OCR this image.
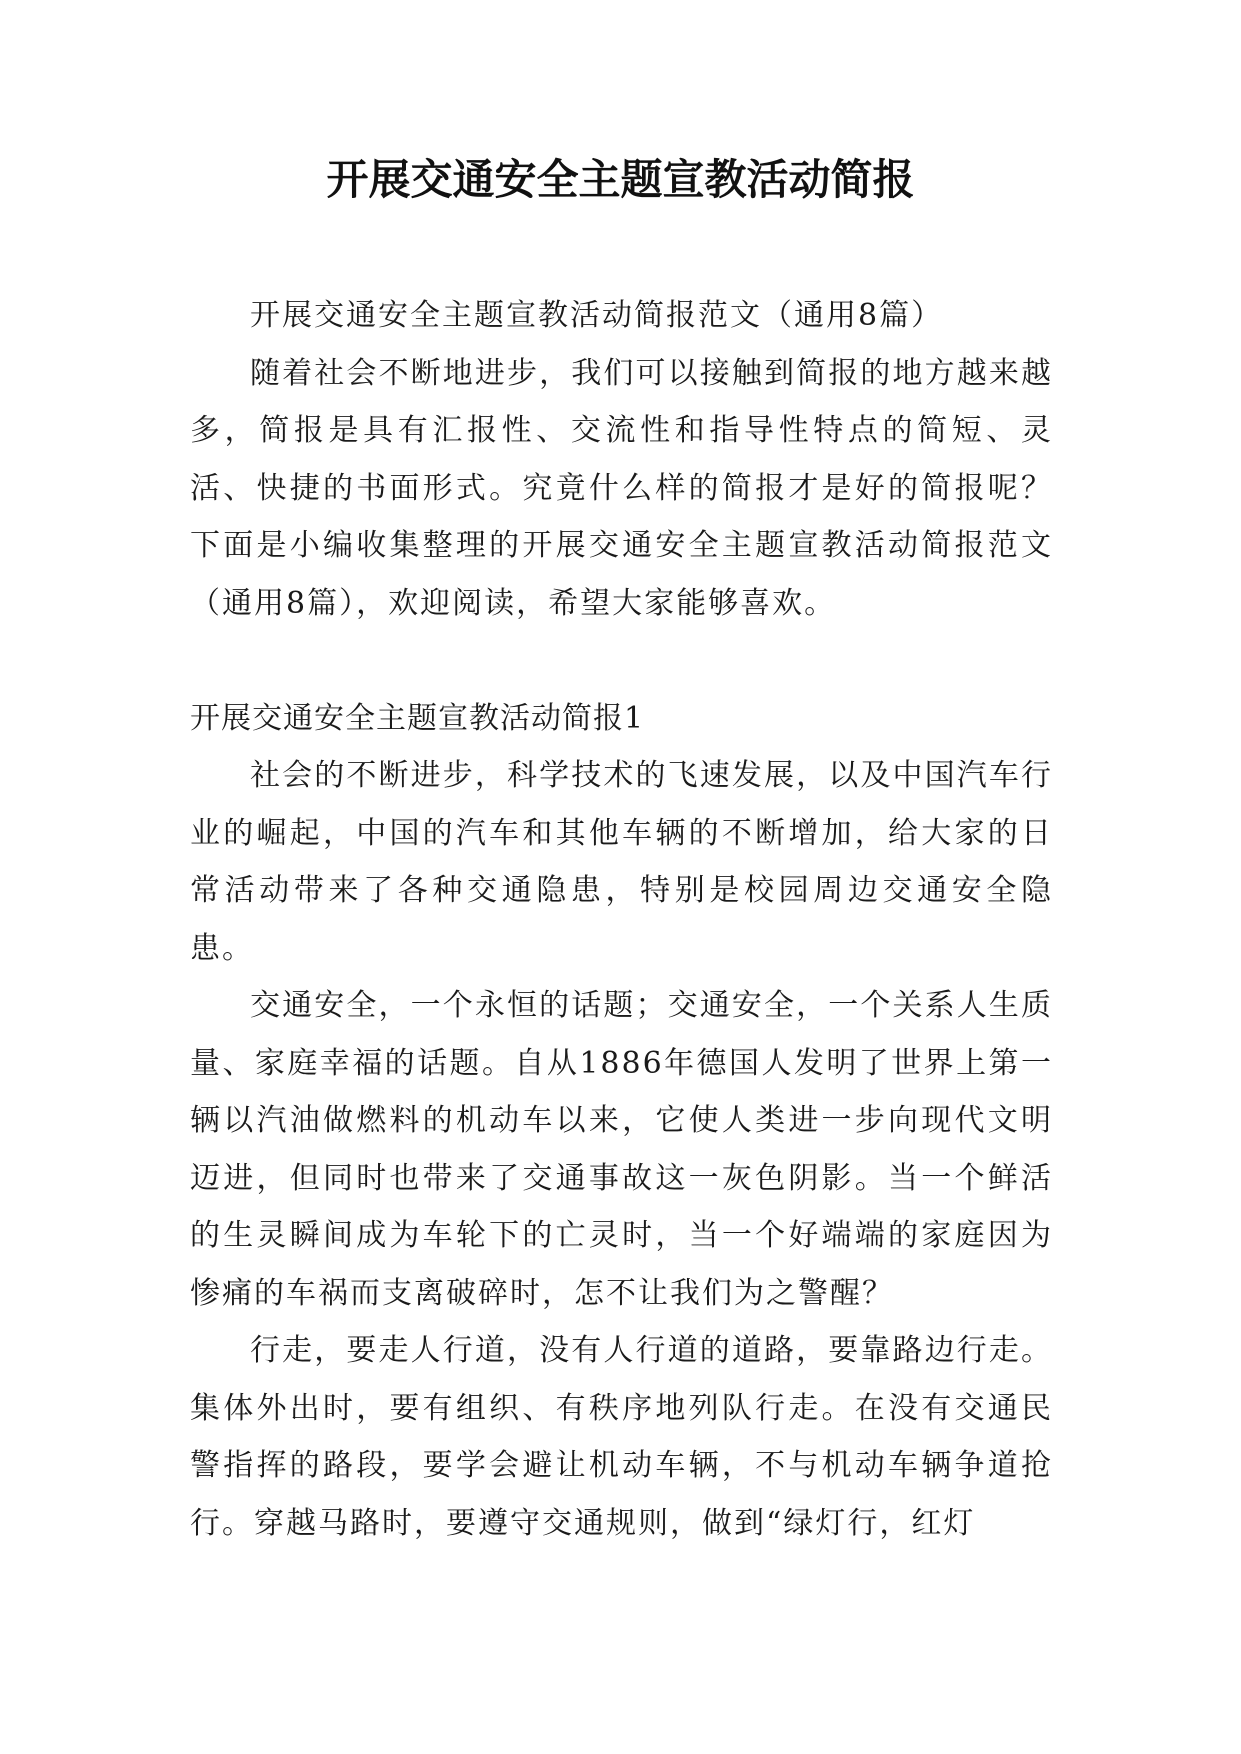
开展交通安全主题宣教活动简报

开展交通安全主题宣教活动简报范文（通用8篇）

随着社会不断地进步，我们可以接触到简报的地方越来越多，简报是具有汇报性、交流性和指导性特点的简短、灵活、快捷的书面形式。究竟什么样的简报才是好的简报呢？下面是小编收集整理的开展交通安全主题宣教活动简报范文（通用8篇），欢迎阅读，希望大家能够喜欢。

开展交通安全主题宣教活动简报1

社会的不断进步，科学技术的飞速发展，以及中国汽车行业的崛起，中国的汽车和其他车辆的不断增加，给大家的日常活动带来了各种交通隐患，特别是校园周边交通安全隐患。

交通安全，一个永恒的话题；交通安全，一个关系人生质量、家庭幸福的话题。自从1886年德国人发明了世界上第一辆以汽油做燃料的机动车以来，它使人类进一步向现代文明迈进，但同时也带来了交通事故这一灰色阴影。当一个鲜活的生灵瞬间成为车轮下的亡灵时，当一个好端端的家庭因为惨痛的车祸而支离破碎时，怎不让我们为之警醒？

行走，要走人行道，没有人行道的道路，要靠路边行走。集体外出时，要有组织、有秩序地列队行走。在没有交通民警指挥的路段，要学会避让机动车辆，不与机动车辆争道抢行。穿越马路时，要遵守交通规则，做到“绿灯行，红灯
